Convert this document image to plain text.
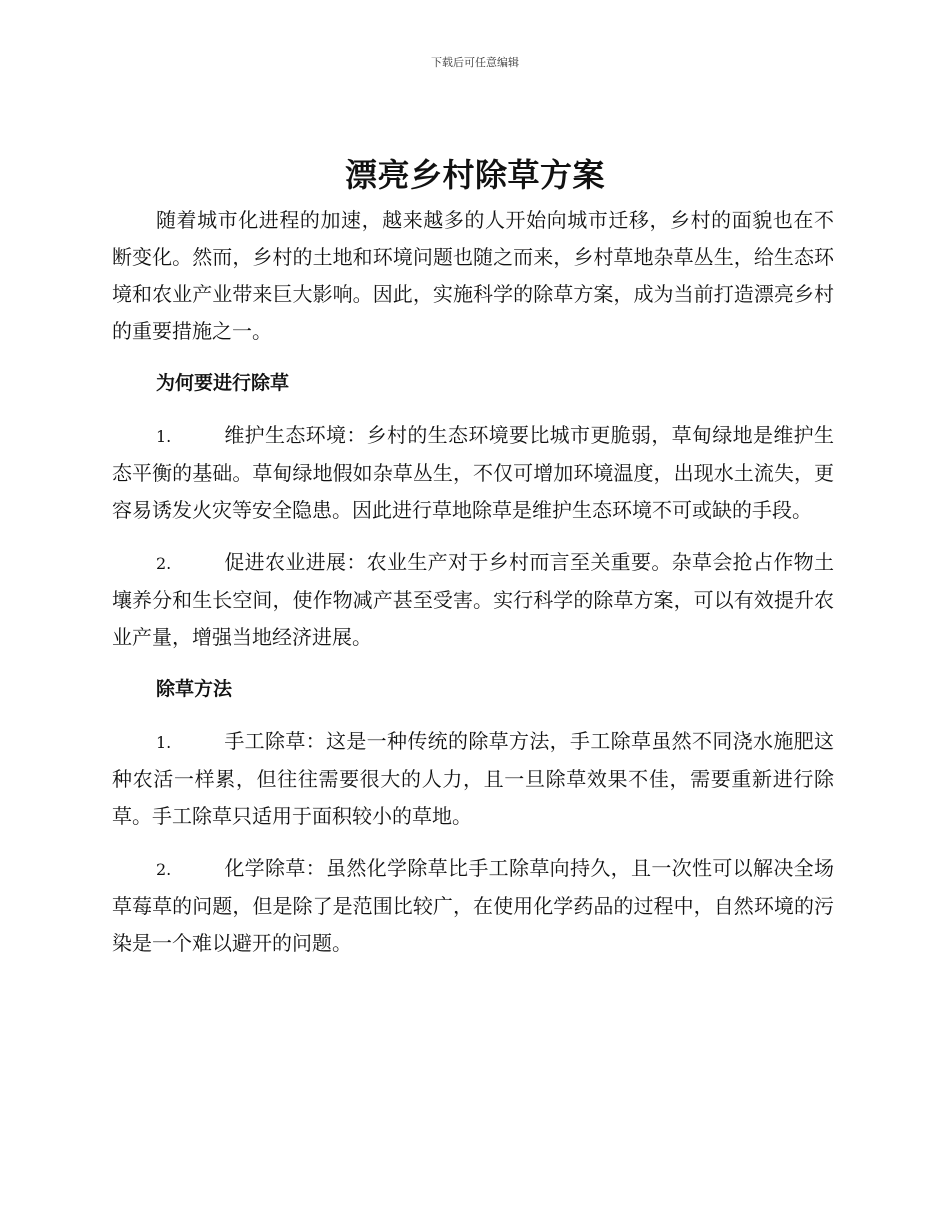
下载后可任意编辑
漂亮乡村除草方案

随着城市化进程的加速，越来越多的人开始向城市迁移，乡村的面貌也在不断变化。然而，乡村的土地和环境问题也随之而来，乡村草地杂草丛生，给生态环境和农业产业带来巨大影响。因此，实施科学的除草方案，成为当前打造漂亮乡村的重要措施之一。

为何要进行除草

1.	维护生态环境：乡村的生态环境要比城市更脆弱，草甸绿地是维护生态平衡的基础。草甸绿地假如杂草丛生，不仅可增加环境温度，出现水土流失，更容易诱发火灾等安全隐患。因此进行草地除草是维护生态环境不可或缺的手段。

2.	促进农业进展：农业生产对于乡村而言至关重要。杂草会抢占作物土壤养分和生长空间，使作物减产甚至受害。实行科学的除草方案，可以有效提升农业产量，增强当地经济进展。

除草方法

1.	手工除草：这是一种传统的除草方法，手工除草虽然不同浇水施肥这种农活一样累，但往往需要很大的人力，且一旦除草效果不佳，需要重新进行除草。手工除草只适用于面积较小的草地。

2.	化学除草：虽然化学除草比手工除草向持久，且一次性可以解决全场草莓草的问题，但是除了是范围比较广，在使用化学药品的过程中，自然环境的污染是一个难以避开的问题。
